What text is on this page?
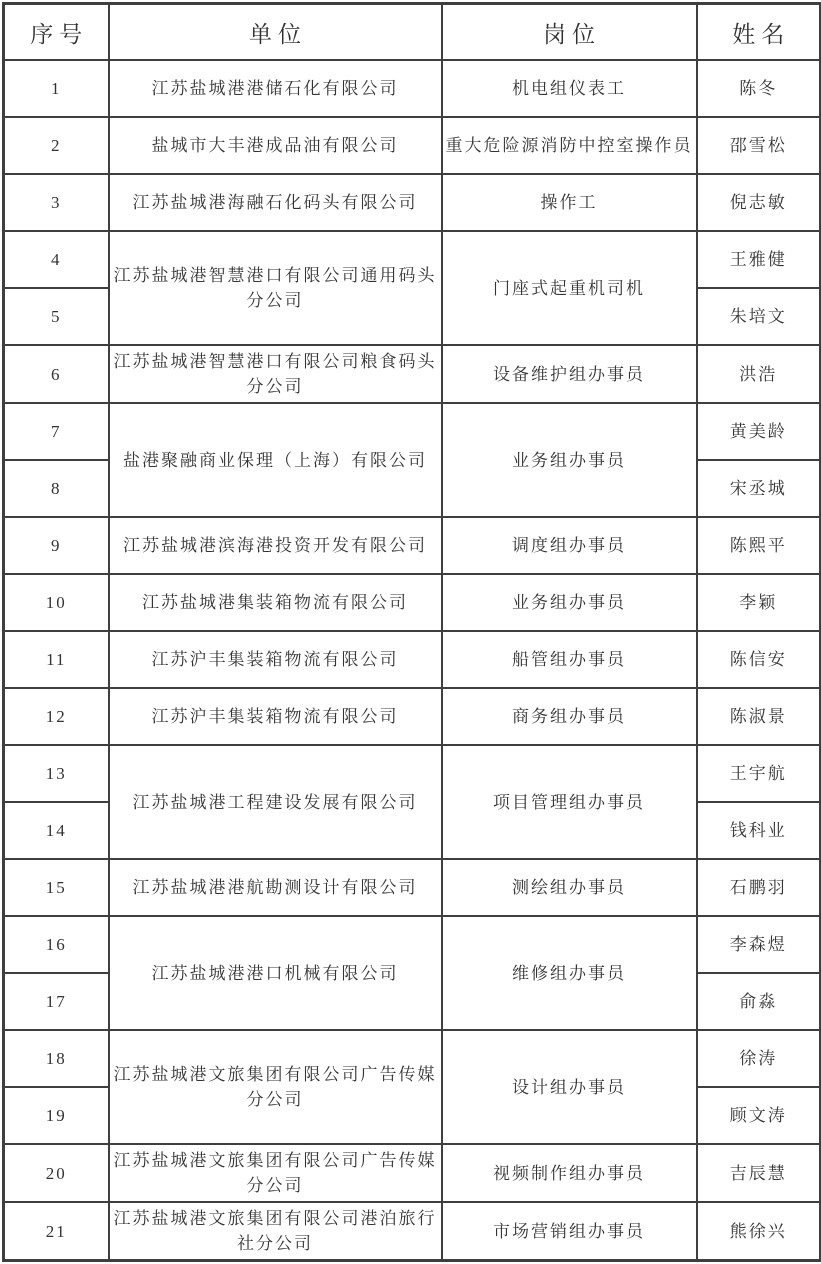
序号	单位	岗位	姓名
1	江苏盐城港港储石化有限公司	机电组仪表工	陈冬
2	盐城市大丰港成品油有限公司	重大危险源消防中控室操作员	邵雪松
3	江苏盐城港海融石化码头有限公司	操作工	倪志敏
4	江苏盐城港智慧港口有限公司通用码头分公司	门座式起重机司机	王雅健
5			朱培文
6	江苏盐城港智慧港口有限公司粮食码头分公司	设备维护组办事员	洪浩
7	盐港聚融商业保理（上海）有限公司	业务组办事员	黄美龄
8			宋丞城
9	江苏盐城港滨海港投资开发有限公司	调度组办事员	陈熙平
10	江苏盐城港集装箱物流有限公司	业务组办事员	李颖
11	江苏沪丰集装箱物流有限公司	船管组办事员	陈信安
12	江苏沪丰集装箱物流有限公司	商务组办事员	陈淑景
13	江苏盐城港工程建设发展有限公司	项目管理组办事员	王宇航
14			钱科业
15	江苏盐城港港航勘测设计有限公司	测绘组办事员	石鹏羽
16	江苏盐城港港口机械有限公司	维修组办事员	李森煜
17			俞淼
18	江苏盐城港文旅集团有限公司广告传媒分公司	设计组办事员	徐涛
19			顾文涛
20	江苏盐城港文旅集团有限公司广告传媒分公司	视频制作组办事员	吉辰慧
21	江苏盐城港文旅集团有限公司港泊旅行社分公司	市场营销组办事员	熊徐兴
